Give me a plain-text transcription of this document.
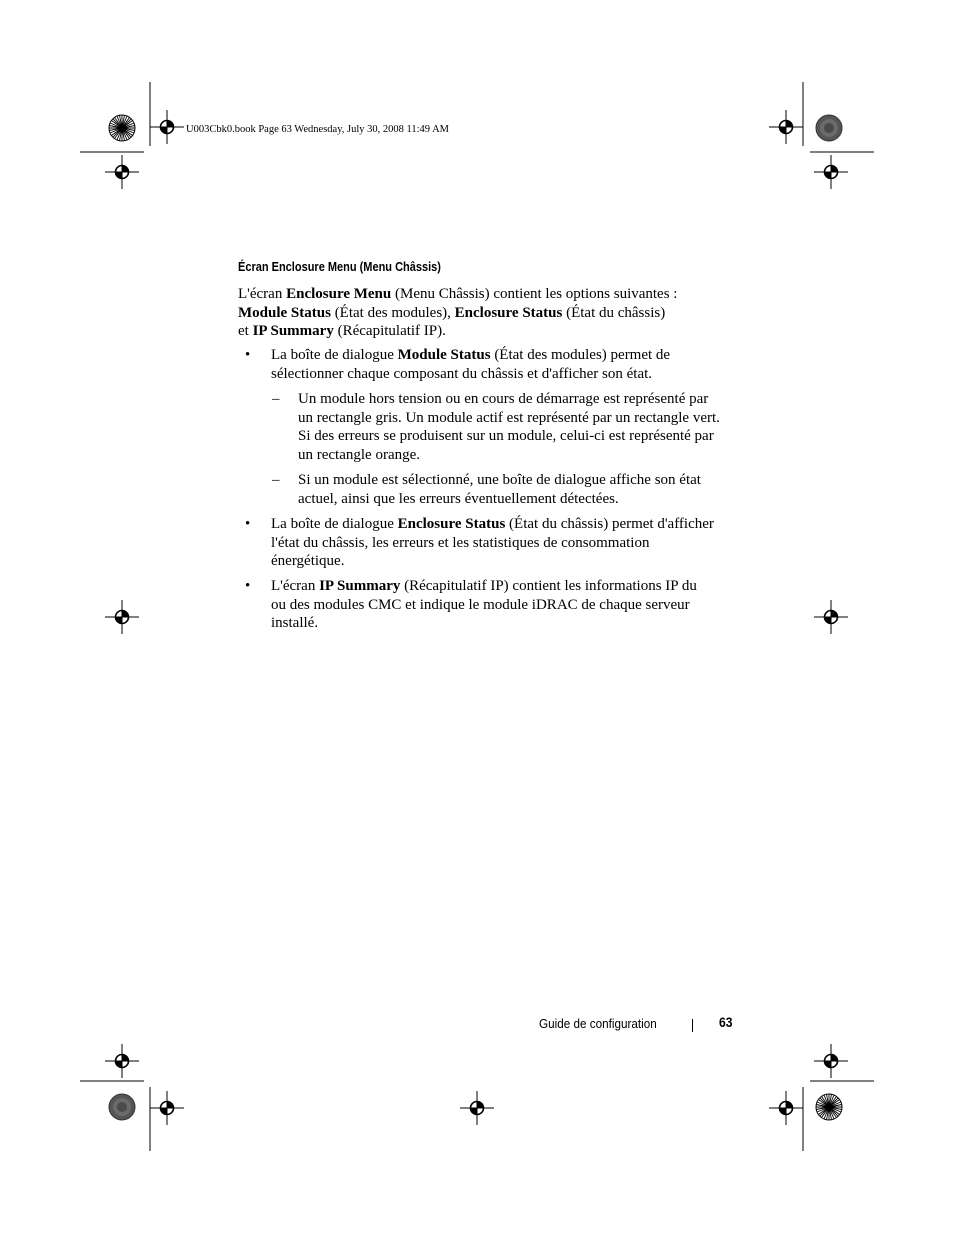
U003Cbk0.book Page 63 Wednesday, July 30, 2008 11:49 AM
Écran Enclosure Menu (Menu Châssis)
L'écran Enclosure Menu (Menu Châssis) contient les options suivantes :
Module Status (État des modules), Enclosure Status (État du châssis)
et IP Summary (Récapitulatif IP).
• La boîte de dialogue Module Status (État des modules) permet de
sélectionner chaque composant du châssis et d'afficher son état.
– Un module hors tension ou en cours de démarrage est représenté par
un rectangle gris. Un module actif est représenté par un rectangle vert.
Si des erreurs se produisent sur un module, celui-ci est représenté par
un rectangle orange.
– Si un module est sélectionné, une boîte de dialogue affiche son état
actuel, ainsi que les erreurs éventuellement détectées.
• La boîte de dialogue Enclosure Status (État du châssis) permet d'afficher
l'état du châssis, les erreurs et les statistiques de consommation
énergétique.
• L'écran IP Summary (Récapitulatif IP) contient les informations IP du
ou des modules CMC et indique le module iDRAC de chaque serveur
installé.
Guide de configuration	63
